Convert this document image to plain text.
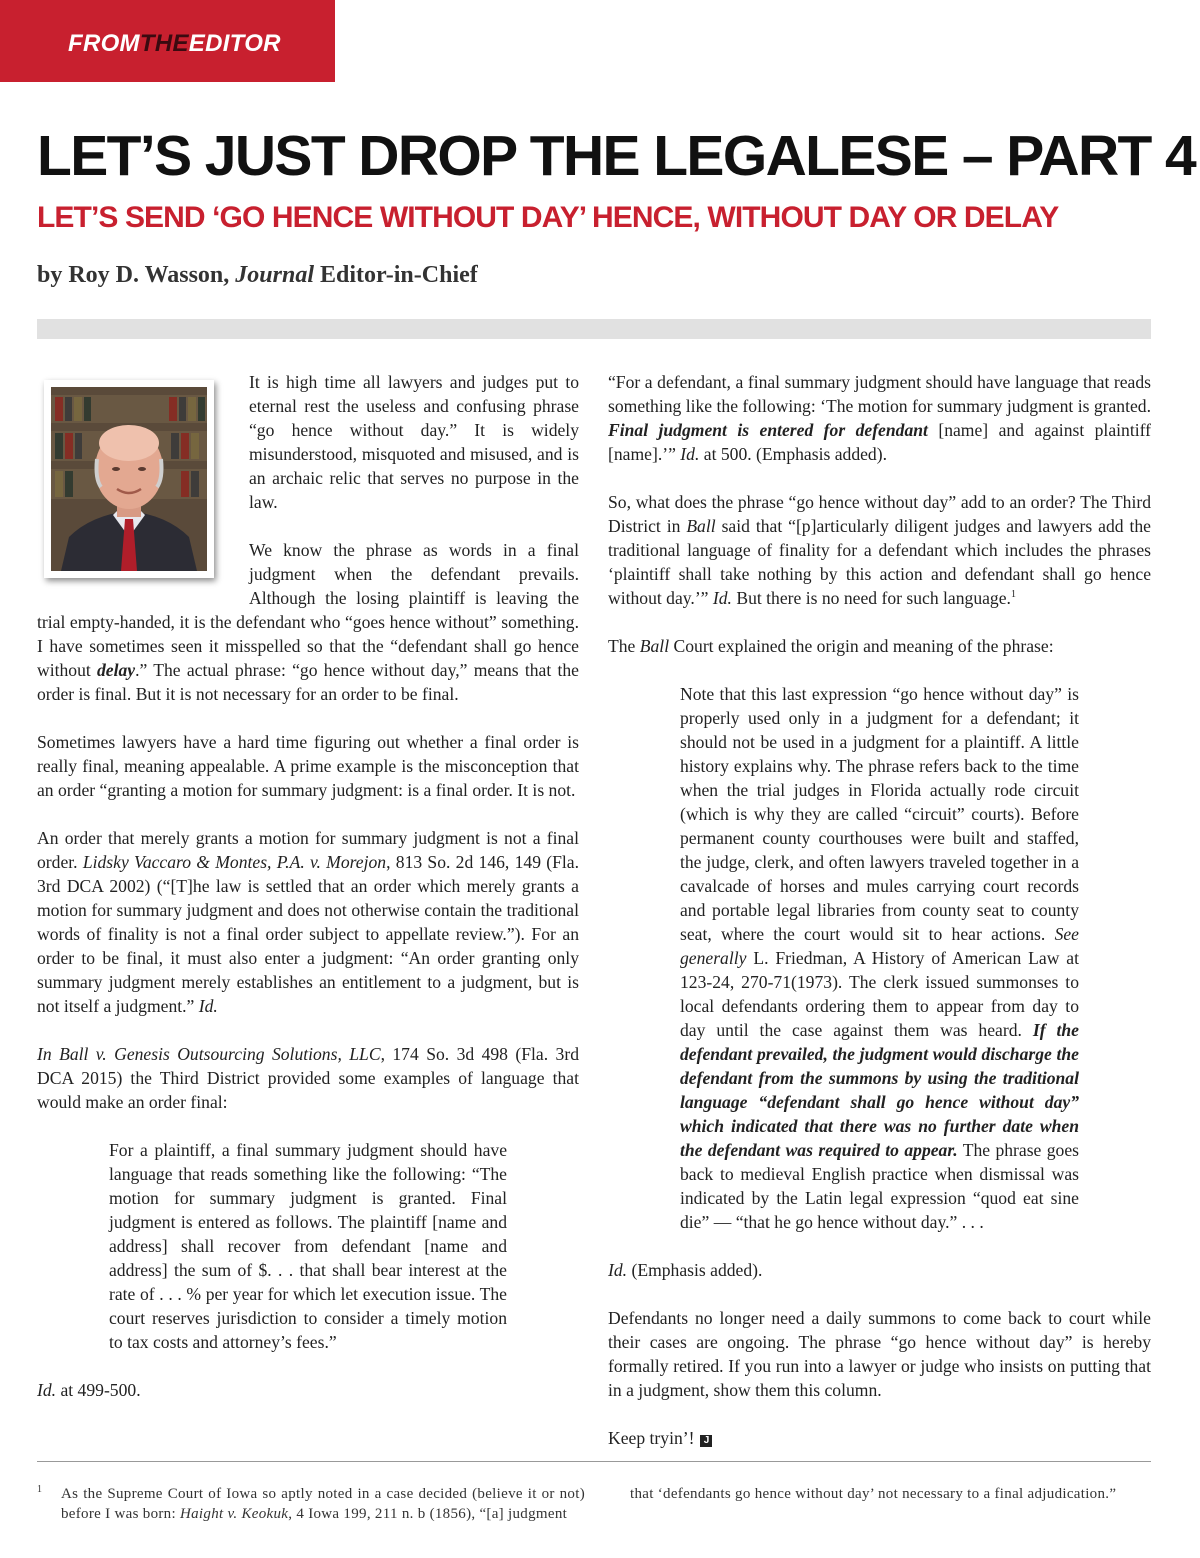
FROMTHEEDITOR
LET’S JUST DROP THE LEGALESE – PART 4
LET’S SEND ‘GO HENCE WITHOUT DAY’ HENCE, WITHOUT DAY OR DELAY
by Roy D. Wasson, Journal Editor-in-Chief

It is high time all lawyers and judges put to eternal rest the useless and confusing phrase “go hence without day.” It is widely misunderstood, misquoted and misused, and is an archaic relic that serves no purpose in the law.

We know the phrase as words in a final judgment when the defendant prevails. Although the losing plaintiff is leaving the trial empty-handed, it is the defendant who “goes hence without” something. I have sometimes seen it misspelled so that the “defendant shall go hence without delay.” The actual phrase: “go hence without day,” means that the order is final. But it is not necessary for an order to be final.

Sometimes lawyers have a hard time figuring out whether a final order is really final, meaning appealable. A prime example is the misconception that an order “granting a motion for summary judgment: is a final order. It is not.

An order that merely grants a motion for summary judgment is not a final order. Lidsky Vaccaro & Montes, P.A. v. Morejon, 813 So. 2d 146, 149 (Fla. 3rd DCA 2002) (“[T]he law is settled that an order which merely grants a motion for summary judgment and does not otherwise contain the traditional words of finality is not a final order subject to appellate review.”). For an order to be final, it must also enter a judgment: “An order granting only summary judgment merely establishes an entitlement to a judgment, but is not itself a judgment.” Id.

In Ball v. Genesis Outsourcing Solutions, LLC, 174 So. 3d 498 (Fla. 3rd DCA 2015) the Third District provided some examples of language that would make an order final:

For a plaintiff, a final summary judgment should have language that reads something like the following: “The motion for summary judgment is granted. Final judgment is entered as follows. The plaintiff [name and address] shall recover from defendant [name and address] the sum of $. . . that shall bear interest at the rate of . . . % per year for which let execution issue. The court reserves jurisdiction to consider a timely motion to tax costs and attorney’s fees.”

Id. at 499-500.

“For a defendant, a final summary judgment should have language that reads something like the following: ‘The motion for summary judgment is granted. Final judgment is entered for defendant [name] and against plaintiff [name].’” Id. at 500. (Emphasis added).

So, what does the phrase “go hence without day” add to an order? The Third District in Ball said that “[p]articularly diligent judges and lawyers add the traditional language of finality for a defendant which includes the phrases ‘plaintiff shall take nothing by this action and defendant shall go hence without day.’” Id. But there is no need for such language.$^1$

The Ball Court explained the origin and meaning of the phrase:

Note that this last expression “go hence without day” is properly used only in a judgment for a defendant; it should not be used in a judgment for a plaintiff. A little history explains why. The phrase refers back to the time when the trial judges in Florida actually rode circuit (which is why they are called “circuit” courts). Before permanent county courthouses were built and staffed, the judge, clerk, and often lawyers traveled together in a cavalcade of horses and mules carrying court records and portable legal libraries from county seat to county seat, where the court would sit to hear actions. See generally L. Friedman, A History of American Law at 123-24, 270-71(1973). The clerk issued summonses to local defendants ordering them to appear from day to day until the case against them was heard. If the defendant prevailed, the judgment would discharge the defendant from the summons by using the traditional language “defendant shall go hence without day” which indicated that there was no further date when the defendant was required to appear. The phrase goes back to medieval English practice when dismissal was indicated by the Latin legal expression “quod eat sine die” — “that he go hence without day.” . . .

Id. (Emphasis added).

Defendants no longer need a daily summons to come back to court while their cases are ongoing. The phrase “go hence without day” is hereby formally retired. If you run into a lawyer or judge who insists on putting that in a judgment, show them this column.

Keep tryin’! J

1 As the Supreme Court of Iowa so aptly noted in a case decided (believe it or not) before I was born: Haight v. Keokuk, 4 Iowa 199, 211 n. b (1856), “[a] judgment
that ‘defendants go hence without day’ not necessary to a final adjudication.”
